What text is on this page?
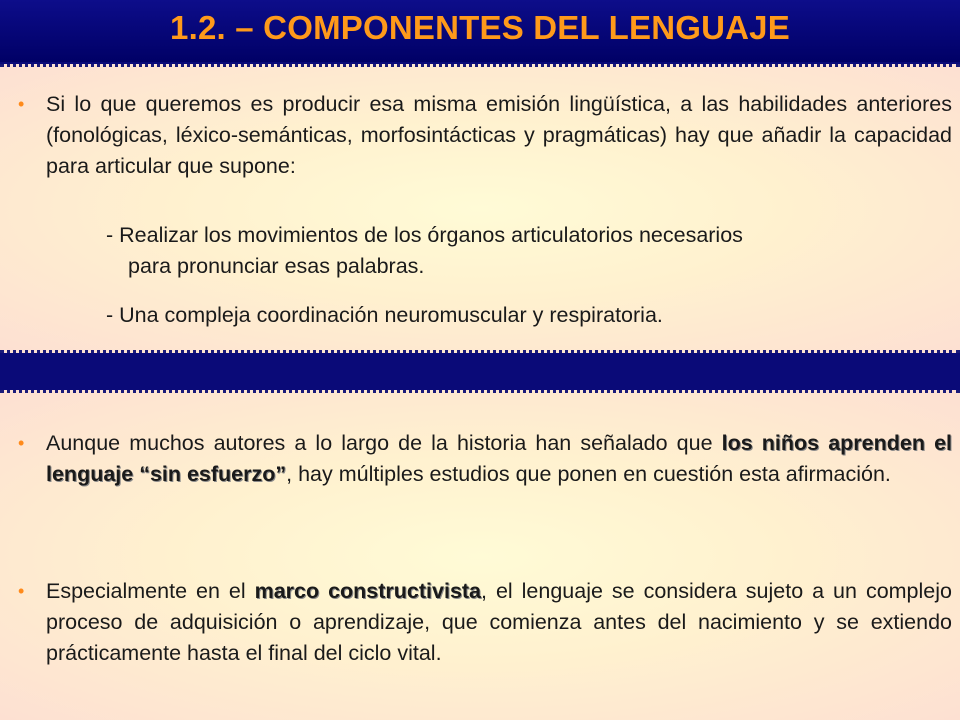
1.2. – COMPONENTES DEL LENGUAJE
•	Si lo que queremos es producir esa misma emisión lingüística, a las habilidades anteriores (fonológicas, léxico-semánticas, morfosintácticas y pragmáticas) hay que añadir la capacidad para articular que supone:

- Realizar los movimientos de los órganos articulatorios necesarios
para pronunciar esas palabras.

- Una compleja coordinación neuromuscular y respiratoria.

•	Aunque muchos autores a lo largo de la historia han señalado que los niños aprenden el lenguaje “sin esfuerzo”, hay múltiples estudios que ponen en cuestión esta afirmación.

•	Especialmente en el marco constructivista, el lenguaje se considera sujeto a un complejo proceso de adquisición o aprendizaje, que comienza antes del nacimiento y se extiendo prácticamente hasta el final del ciclo vital.
